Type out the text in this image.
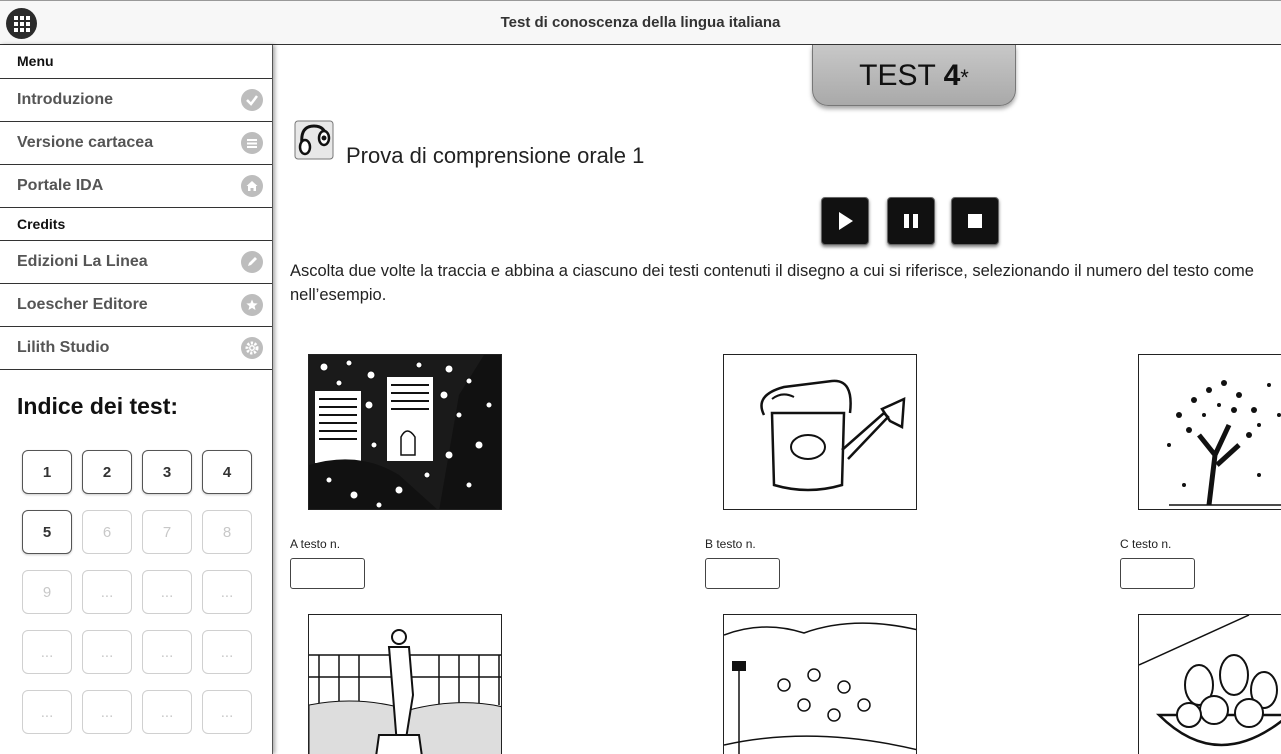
Test di conoscenza della lingua italiana
Menu
Introduzione
Versione cartacea
Portale IDA
Credits
Edizioni La Linea
Loescher Editore
Lilith Studio
Indice dei test:
1	2	3	4
5	6	7	8
9	...	...	...
...	...	...	...
...	...	...	...
TEST 4*
Prova di comprensione orale 1
Ascolta due volte la traccia e abbina a ciascuno dei testi contenuti il disegno a cui si riferisce, selezionando il numero del testo come
nell’esempio.
A testo n.	B testo n.	C testo n.
